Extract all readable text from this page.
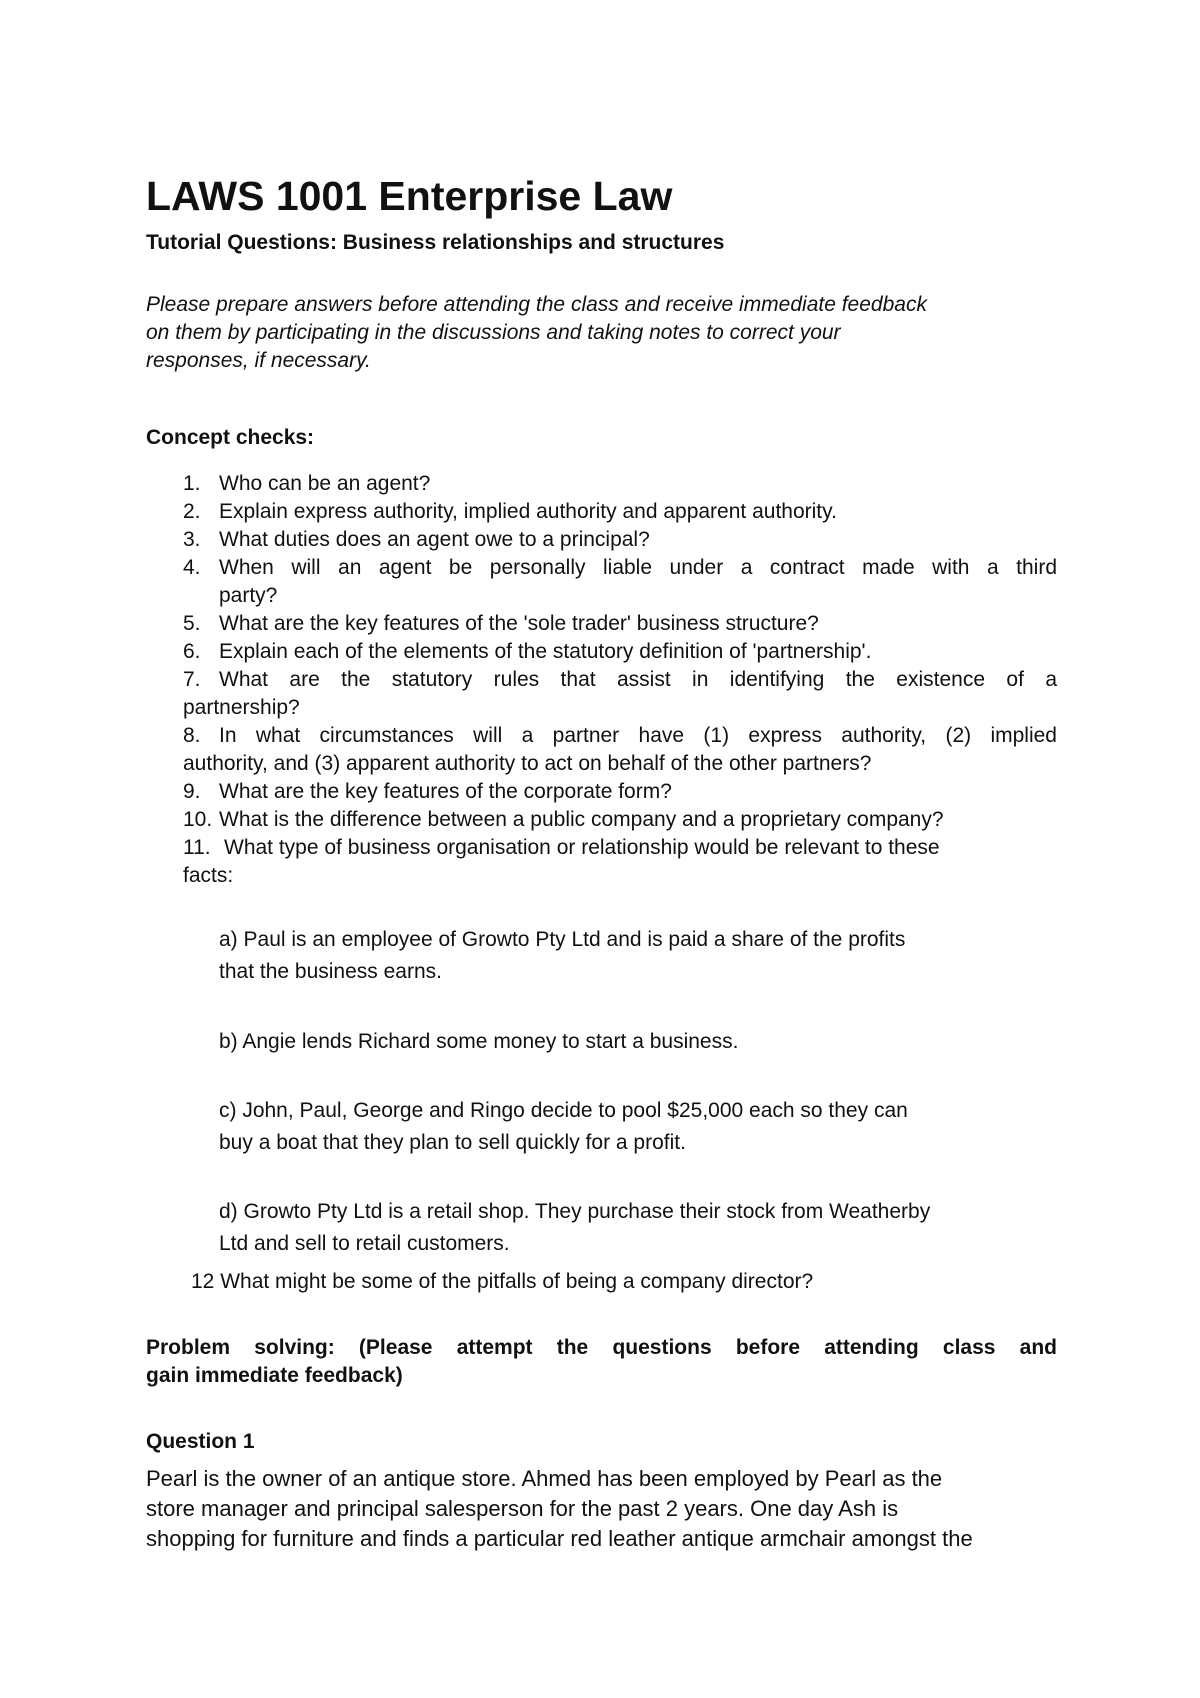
LAWS 1001 Enterprise Law
Tutorial Questions: Business relationships and structures
Please prepare answers before attending the class and receive immediate feedback
on them by participating in the discussions and taking notes to correct your
responses, if necessary.
Concept checks:
1. Who can be an agent?
2. Explain express authority, implied authority and apparent authority.
3. What duties does an agent owe to a principal?
4. When will an agent be personally liable under a contract made with a third
party?
5. What are the key features of the 'sole trader' business structure?
6. Explain each of the elements of the statutory definition of 'partnership'.
7. What are the statutory rules that assist in identifying the existence of a
partnership?
8. In what circumstances will a partner have (1) express authority, (2) implied
authority, and (3) apparent authority to act on behalf of the other partners?
9. What are the key features of the corporate form?
10. What is the difference between a public company and a proprietary company?
11. What type of business organisation or relationship would be relevant to these
facts:
a) Paul is an employee of Growto Pty Ltd and is paid a share of the profits
that the business earns.
b) Angie lends Richard some money to start a business.
c) John, Paul, George and Ringo decide to pool $25,000 each so they can
buy a boat that they plan to sell quickly for a profit.
d) Growto Pty Ltd is a retail shop. They purchase their stock from Weatherby
Ltd and sell to retail customers.
12 What might be some of the pitfalls of being a company director?
Problem solving: (Please attempt the questions before attending class and
gain immediate feedback)
Question 1
Pearl is the owner of an antique store. Ahmed has been employed by Pearl as the
store manager and principal salesperson for the past 2 years. One day Ash is
shopping for furniture and finds a particular red leather antique armchair amongst the
